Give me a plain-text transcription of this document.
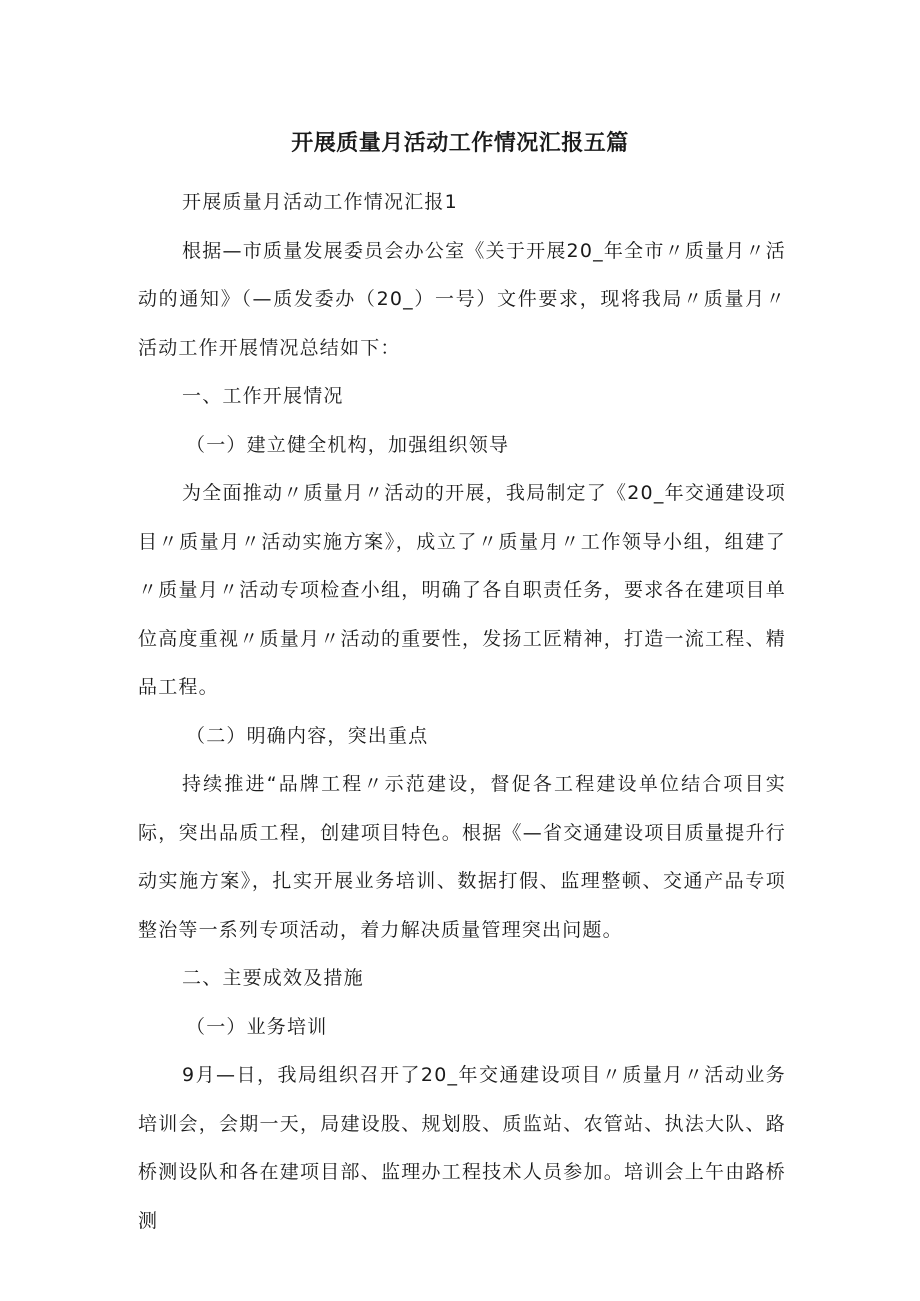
开展质量月活动工作情况汇报五篇

开展质量月活动工作情况汇报1

根据—市质量发展委员会办公室《关于开展20_年全市〃质量月〃活动的通知》（—质发委办（20_）一号）文件要求，现将我局〃质量月〃活动工作开展情况总结如下：

一、工作开展情况

（一）建立健全机构，加强组织领导

为全面推动〃质量月〃活动的开展，我局制定了《20_年交通建设项目〃质量月〃活动实施方案》，成立了〃质量月〃工作领导小组，组建了〃质量月〃活动专项检查小组，明确了各自职责任务，要求各在建项目单位高度重视〃质量月〃活动的重要性，发扬工匠精神，打造一流工程、精品工程。

（二）明确内容，突出重点

持续推进“品牌工程〃示范建设，督促各工程建设单位结合项目实际，突出品质工程，创建项目特色。根据《—省交通建设项目质量提升行动实施方案》，扎实开展业务培训、数据打假、监理整顿、交通产品专项整治等一系列专项活动，着力解决质量管理突出问题。

二、主要成效及措施

（一）业务培训

9月—日，我局组织召开了20_年交通建设项目〃质量月〃活动业务培训会，会期一天，局建设股、规划股、质监站、农管站、执法大队、路桥测设队和各在建项目部、监理办工程技术人员参加。培训会上午由路桥测
